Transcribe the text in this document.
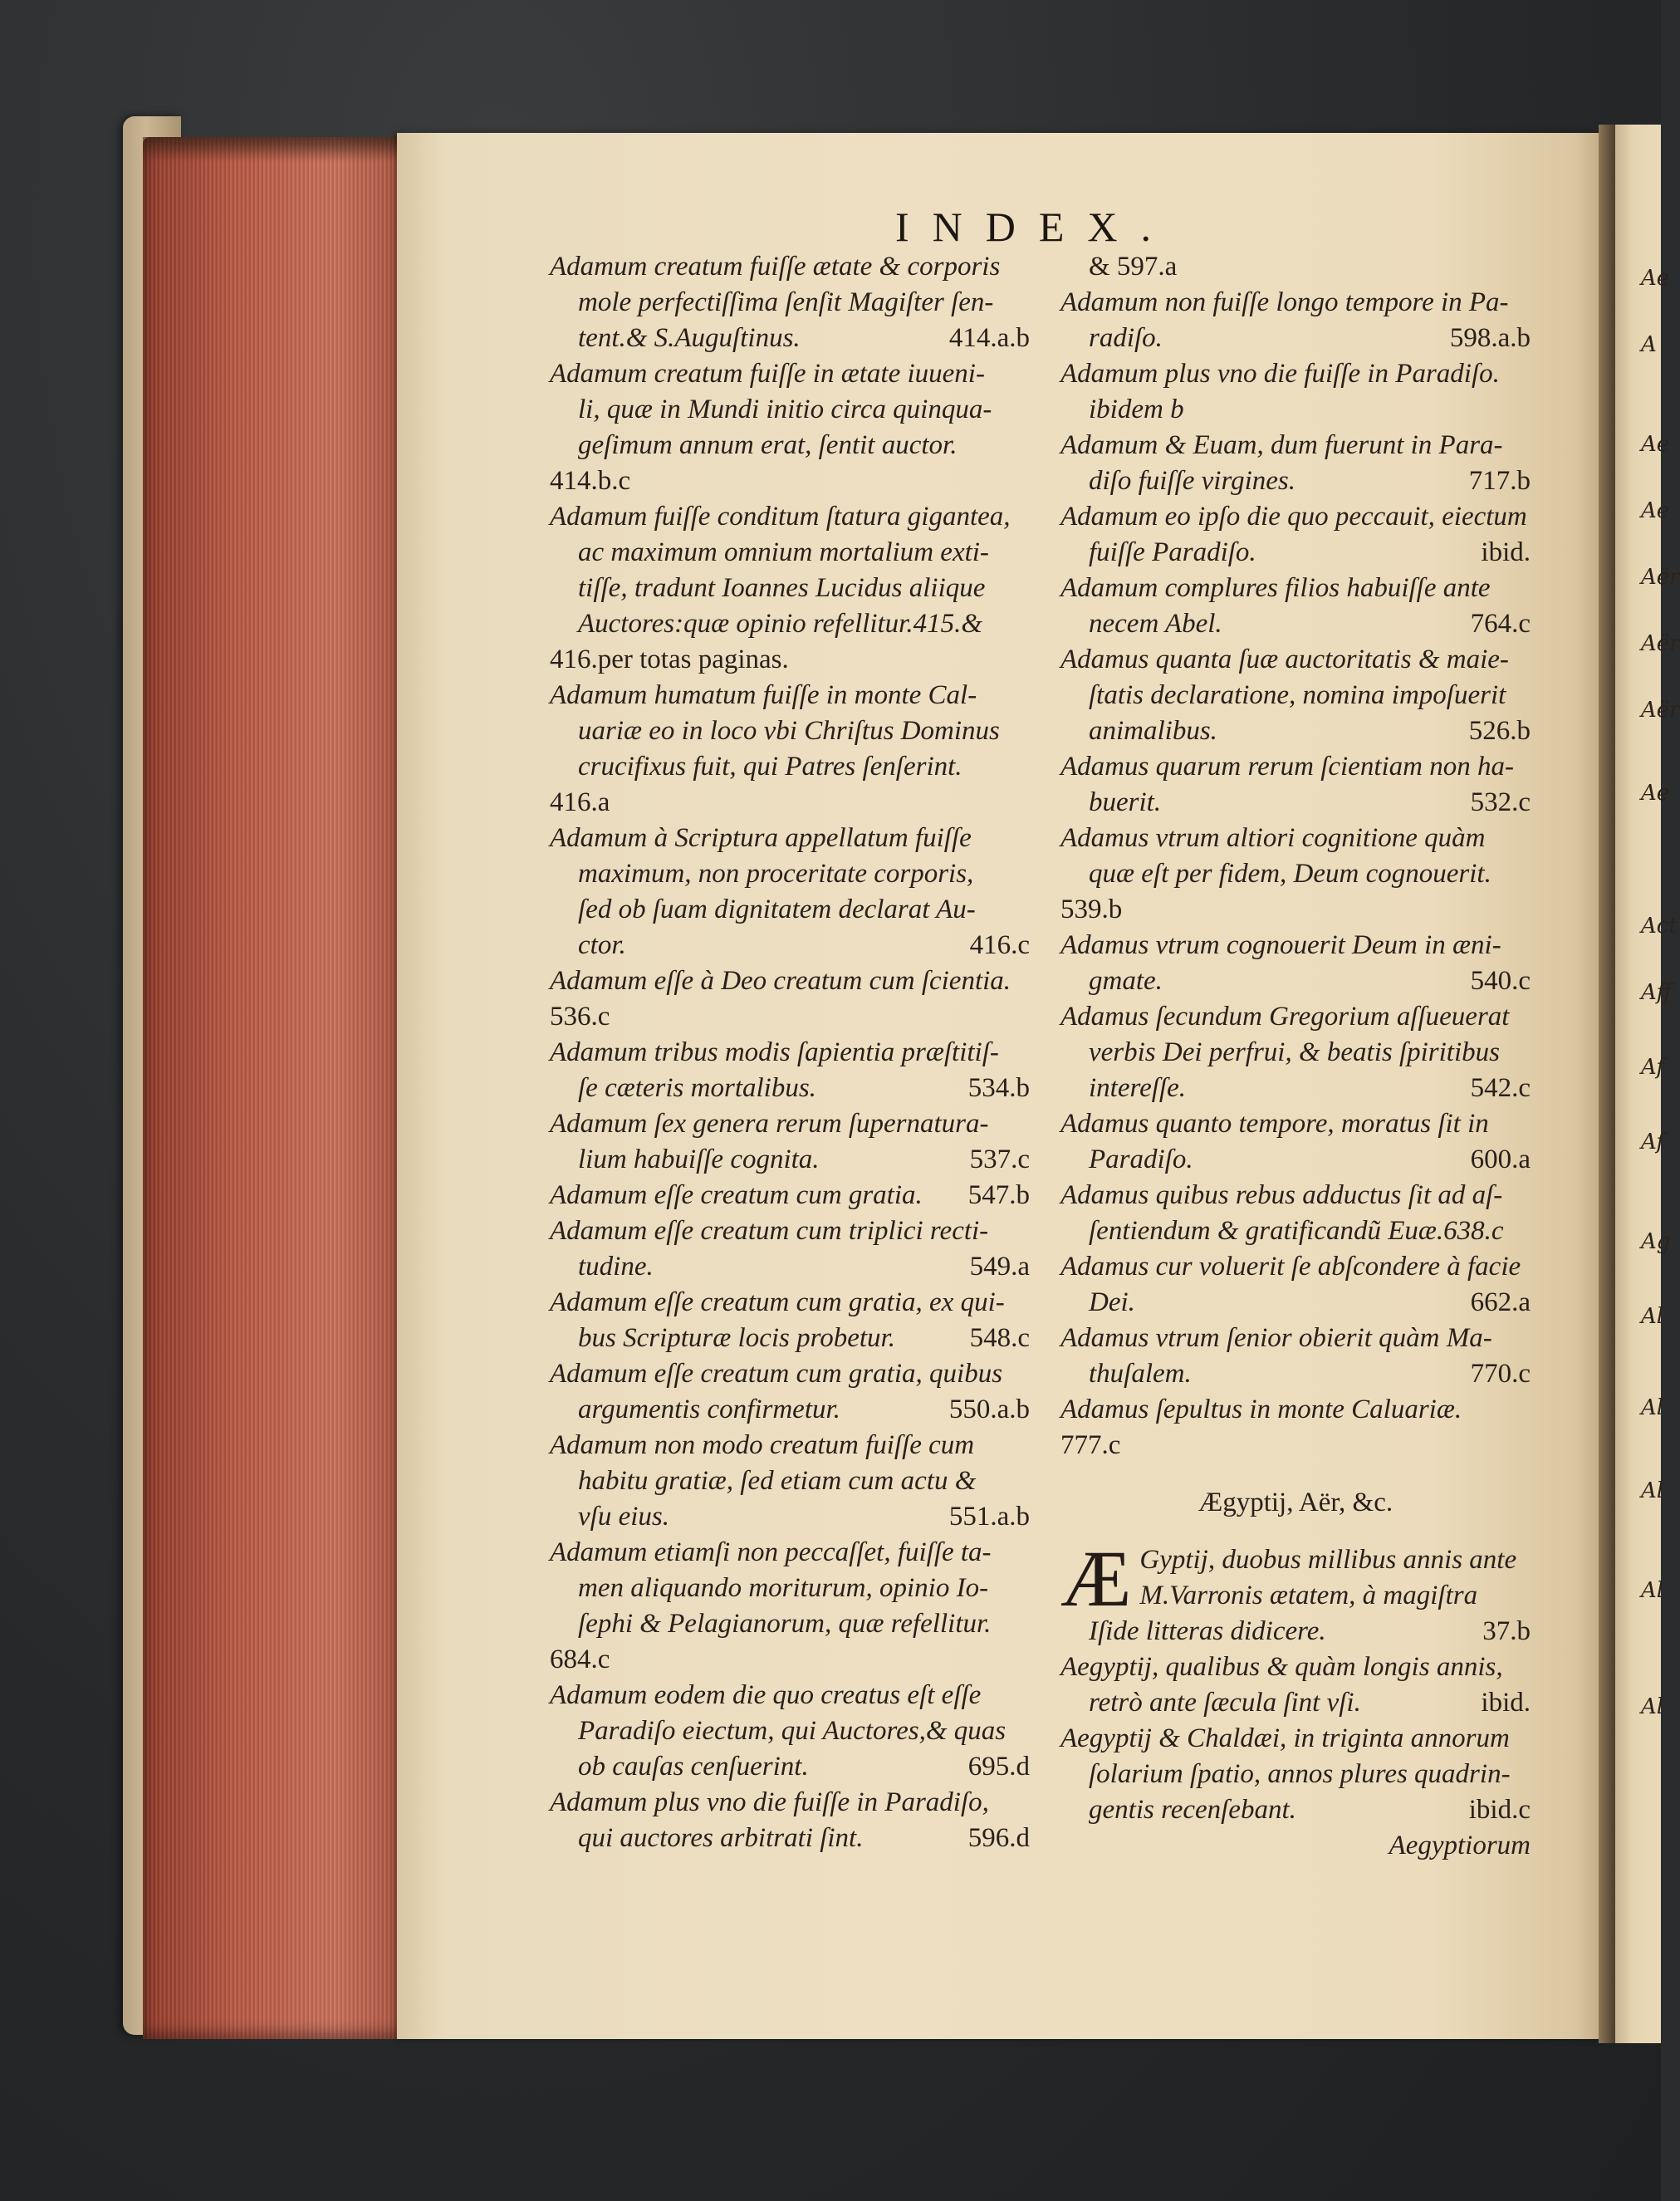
Ae
A
Ae
Ae
Aër
Aër
Aër
Ae
Act
Aff
Af
Af
Ag
Al
Al
Al
Al
Al
INDEX.
Adamum creatum fuiſſe ætate & corporis
mole perfectiſſima ſenſit Magiſter ſen-
tent.& S.Auguſtinus.	414.a.b
Adamum creatum fuiſſe in ætate iuueni-
li, quæ in Mundi initio circa quinqua-
geſimum annum erat, ſentit auctor.
414.b.c
Adamum fuiſſe conditum ſtatura gigantea,
ac maximum omnium mortalium exti-
tiſſe, tradunt Ioannes Lucidus aliique
Auctores:quæ opinio refellitur.415.&
416.per totas paginas.
Adamum humatum fuiſſe in monte Cal-
uariæ eo in loco vbi Chriſtus Dominus
crucifixus fuit, qui Patres ſenſerint.
416.a
Adamum à Scriptura appellatum fuiſſe
maximum, non proceritate corporis,
ſed ob ſuam dignitatem declarat Au-
ctor.	416.c
Adamum eſſe à Deo creatum cum ſcientia.
536.c
Adamum tribus modis ſapientia præſtitiſ-
ſe cæteris mortalibus.	534.b
Adamum ſex genera rerum ſupernatura-
lium habuiſſe cognita.	537.c
Adamum eſſe creatum cum gratia. 547.b
Adamum eſſe creatum cum triplici recti-
tudine.	549.a
Adamum eſſe creatum cum gratia, ex qui-
bus Scripturæ locis probetur.	548.c
Adamum eſſe creatum cum gratia, quibus
argumentis confirmetur.	550.a.b
Adamum non modo creatum fuiſſe cum
habitu gratiæ, ſed etiam cum actu &
vſu eius.	551.a.b
Adamum etiamſi non peccaſſet, fuiſſe ta-
men aliquando moriturum, opinio Io-
ſephi & Pelagianorum, quæ refellitur.
684.c
Adamum eodem die quo creatus eſt eſſe
Paradiſo eiectum, qui Auctores,& quas
ob cauſas cenſuerint.	695.d
Adamum plus vno die fuiſſe in Paradiſo,
qui auctores arbitrati ſint.	596.d
& 597.a
Adamum non fuiſſe longo tempore in Pa-
radiſo.	598.a.b
Adamum plus vno die fuiſſe in Paradiſo.
ibidem b
Adamum & Euam, dum fuerunt in Para-
diſo fuiſſe virgines.	717.b
Adamum eo ipſo die quo peccauit, eiectum
fuiſſe Paradiſo.	ibid.
Adamum complures filios habuiſſe ante
necem Abel.	764.c
Adamus quanta ſuæ auctoritatis & maie-
ſtatis declaratione, nomina impoſuerit
animalibus.	526.b
Adamus quarum rerum ſcientiam non ha-
buerit.	532.c
Adamus vtrum altiori cognitione quàm
quæ eſt per fidem, Deum cognouerit.
539.b
Adamus vtrum cognouerit Deum in æni-
gmate.	540.c
Adamus ſecundum Gregorium aſſueuerat
verbis Dei perfrui, & beatis ſpiritibus
intereſſe.	542.c
Adamus quanto tempore, moratus ſit in
Paradiſo.	600.a
Adamus quibus rebus adductus ſit ad aſ-
ſentiendum & gratificandũ Euæ.638.c
Adamus cur voluerit ſe abſcondere à facie
Dei.	662.a
Adamus vtrum ſenior obierit quàm Ma-
thuſalem.	770.c
Adamus ſepultus in monte Caluariæ.
777.c
Ægyptij, Aër, &c.
Æ Gyptij, duobus millibus annis ante
M.Varronis ætatem, à magiſtra
Iſide litteras didicere.	37.b
Aegyptij, qualibus & quàm longis annis,
retrò ante ſæcula ſint vſi.	ibid.
Aegyptij & Chaldæi, in triginta annorum
ſolarium ſpatio, annos plures quadrin-
gentis recenſebant.	ibid.c
Aegyptiorum
